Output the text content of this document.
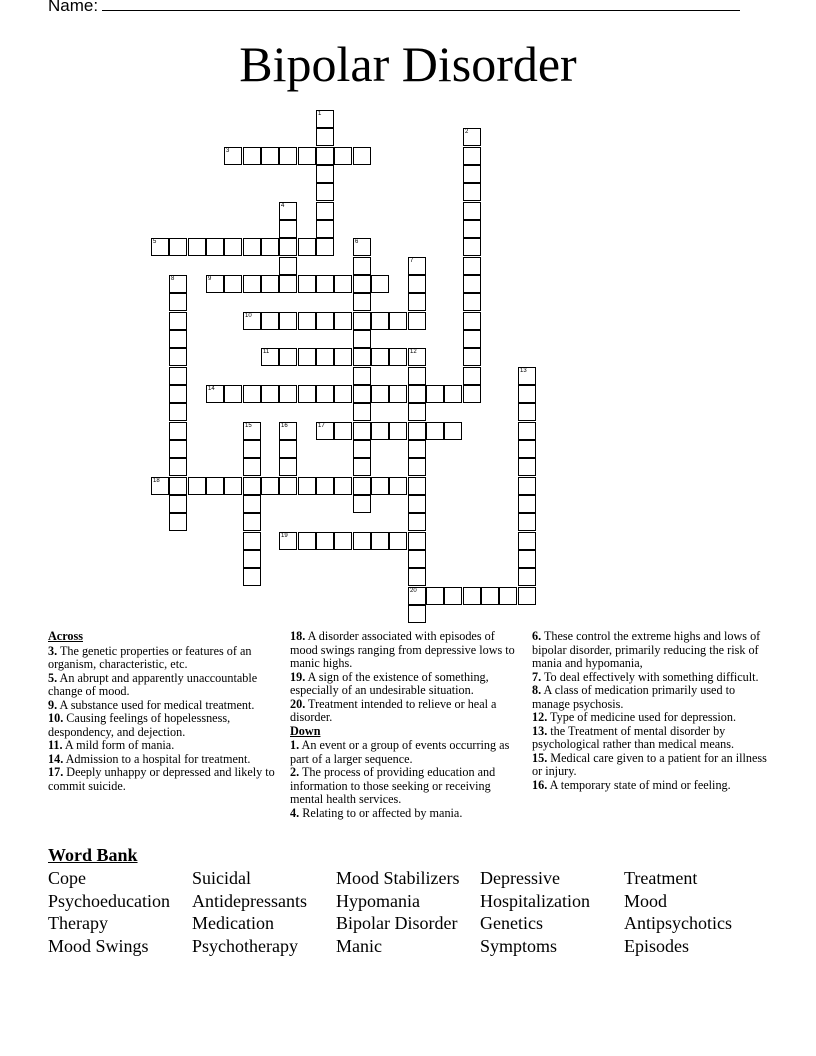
Name:
Bipolar Disorder
1
2
3
4
5	6
7
8	9
10
11	12
20
13
14
15	16	17
18
19
Across

3. The genetic properties or features of an organism, characteristic, etc.

5. An abrupt and apparently unaccountable change of mood.

9. A substance used for medical treatment.

10. Causing feelings of hopelessness, despondency, and dejection.

11. A mild form of mania.

14. Admission to a hospital for treatment.

17. Deeply unhappy or depressed and likely to commit suicide.

18. A disorder associated with episodes of mood swings ranging from depressive lows to manic highs.

19. A sign of the existence of something, especially of an undesirable situation.

20. Treatment intended to relieve or heal a disorder.

Down

1. An event or a group of events occurring as part of a larger sequence.

2. The process of providing education and information to those seeking or receiving mental health services.

4. Relating to or affected by mania.

6. These control the extreme highs and lows of bipolar disorder, primarily reducing the risk of mania and hypomania,

7. To deal effectively with something difficult.

8. A class of medication primarily used to manage psychosis.

12. Type of medicine used for depression.

13. the Treatment of mental disorder by psychological rather than medical means.

15. Medical care given to a patient for an illness or injury.

16. A temporary state of mind or feeling.

Word Bank
Cope	Suicidal	Mood Stabilizers	Depressive	Treatment
Psychoeducation	Antidepressants	Hypomania	Hospitalization	Mood
Therapy	Medication	Bipolar Disorder	Genetics	Antipsychotics
Mood Swings	Psychotherapy	Manic	Symptoms	Episodes
